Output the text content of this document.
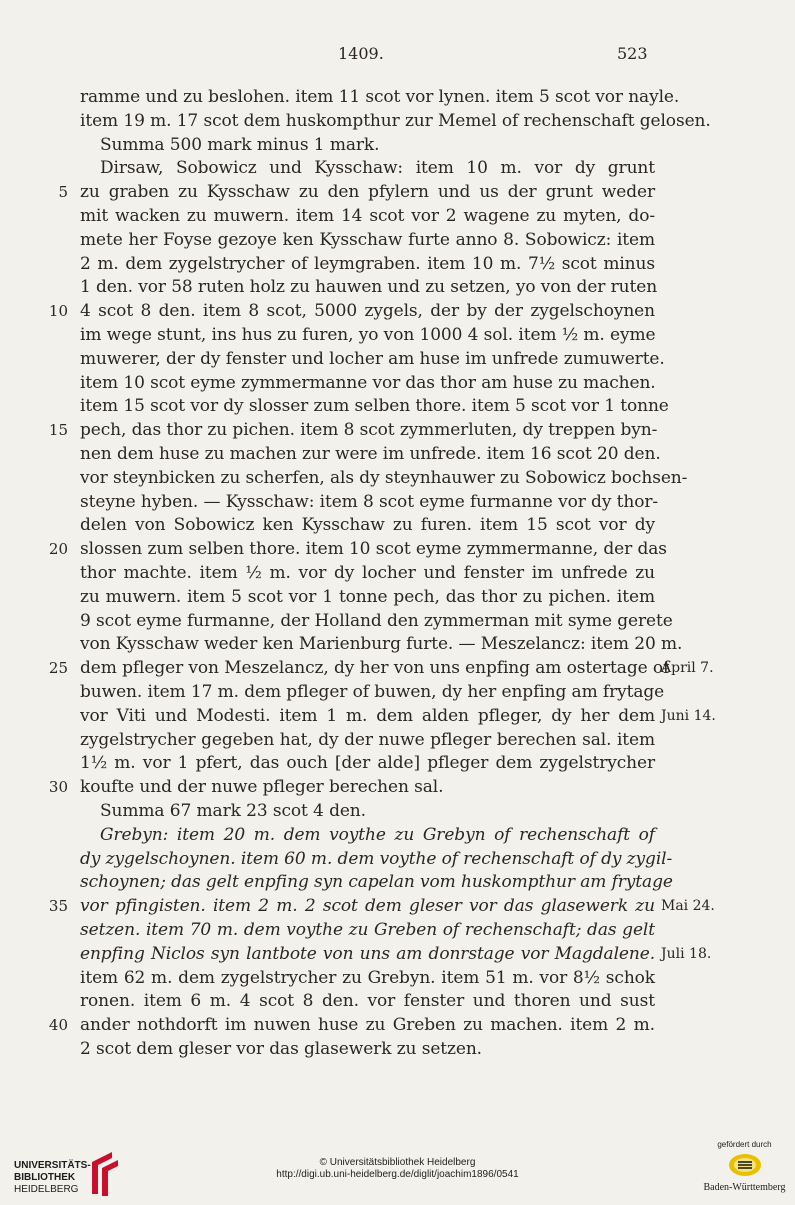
1409.	523
ramme und zu beslohen. item 11 scot vor lynen. item 5 scot vor nayle.
item 19 m. 17 scot dem huskompthur zur Memel of rechenschaft gelosen.
Summa 500 mark minus 1 mark.
Dirsaw, Sobowicz und Kysschaw: item 10 m. vor dy grunt
zu graben zu Kysschaw zu den pfylern und us der grunt weder
5
mit wacken zu muwern. item 14 scot vor 2 wagene zu myten, do-
mete her Foyse gezoye ken Kysschaw furte anno 8. Sobowicz: item
2 m. dem zygelstrycher of leymgraben. item 10 m. 7½ scot minus
1 den. vor 58 ruten holz zu hauwen und zu setzen, yo von der ruten
4 scot 8 den. item 8 scot, 5000 zygels, der by der zygelschoynen
10
im wege stunt, ins hus zu furen, yo von 1000 4 sol. item ½ m. eyme
muwerer, der dy fenster und locher am huse im unfrede zumuwerte.
item 10 scot eyme zymmermanne vor das thor am huse zu machen.
item 15 scot vor dy slosser zum selben thore. item 5 scot vor 1 tonne
pech, das thor zu pichen. item 8 scot zymmerluten, dy treppen byn-
15
nen dem huse zu machen zur were im unfrede. item 16 scot 20 den.
vor steynbicken zu scherfen, als dy steynhauwer zu Sobowicz bochsen-
steyne hyben. — Kysschaw: item 8 scot eyme furmanne vor dy thor-
delen von Sobowicz ken Kysschaw zu furen. item 15 scot vor dy
slossen zum selben thore. item 10 scot eyme zymmermanne, der das
20
thor machte. item ½ m. vor dy locher und fenster im unfrede zu
zu muwern. item 5 scot vor 1 tonne pech, das thor zu pichen. item
9 scot eyme furmanne, der Holland den zymmerman mit syme gerete
von Kysschaw weder ken Marienburg furte. — Meszelancz: item 20 m.
dem pfleger von Meszelancz, dy her von uns enpfing am ostertage of
25	April 7.
buwen. item 17 m. dem pfleger of buwen, dy her enpfing am frytage
vor Viti und Modesti. item 1 m. dem alden pfleger, dy her dem Juni 14.
zygelstrycher gegeben hat, dy der nuwe pfleger berechen sal. item
1½ m. vor 1 pfert, das ouch [der alde] pfleger dem zygelstrycher
koufte und der nuwe pfleger berechen sal.
30
Summa 67 mark 23 scot 4 den.
Grebyn: item 20 m. dem voythe zu Grebyn of rechenschaft of
dy zygelschoynen. item 60 m. dem voythe of rechenschaft of dy zygil-
schoynen; das gelt enpfing syn capelan vom huskompthur am frytage
vor pfingisten. item 2 m. 2 scot dem gleser vor das glasewerk zu
35	Mai 24.
setzen. item 70 m. dem voythe zu Greben of rechenschaft; das gelt
enpfing Niclos syn lantbote von uns am donrstage vor Magdalene. Juli 18.
item 62 m. dem zygelstrycher zu Grebyn. item 51 m. vor 8½ schok
ronen. item 6 m. 4 scot 8 den. vor fenster und thoren und sust
ander nothdorft im nuwen huse zu Greben zu machen. item 2 m.
40
2 scot dem gleser vor das glasewerk zu setzen.
UNIVERSITÄTS-
BIBLIOTHEK
HEIDELBERG
© Universitätsbibliothek Heidelberg
http://digi.ub.uni-heidelberg.de/diglit/joachim1896/0541
gefördert durch
Baden-Württemberg
